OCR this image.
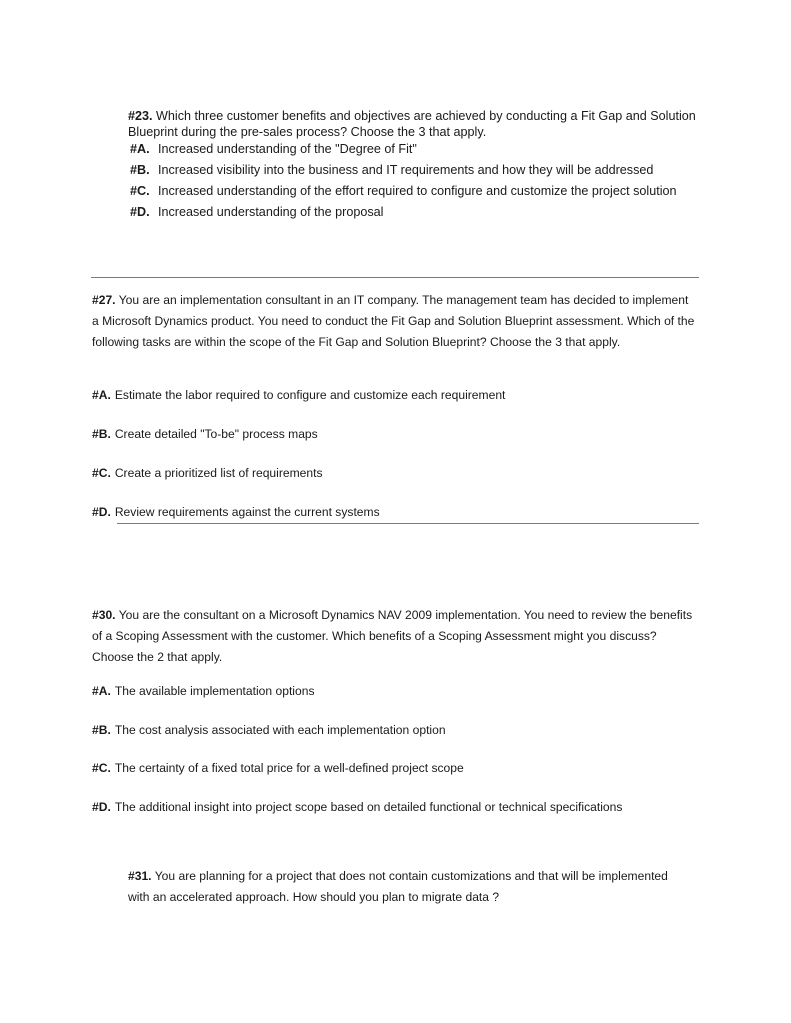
#23. Which three customer benefits and objectives are achieved by conducting a Fit Gap and Solution Blueprint during the pre-sales process? Choose the 3 that apply.

#A. Increased understanding of the "Degree of Fit"
#B. Increased visibility into the business and IT requirements and how they will be addressed
#C. Increased understanding of the effort required to configure and customize the project solution
#D. Increased understanding of the proposal

#27. You are an implementation consultant in an IT company. The management team has decided to implement a Microsoft Dynamics product. You need to conduct the Fit Gap and Solution Blueprint assessment. Which of the following tasks are within the scope of the Fit Gap and Solution Blueprint? Choose the 3 that apply.

#A. Estimate the labor required to configure and customize each requirement
#B. Create detailed "To-be" process maps
#C. Create a prioritized list of requirements
#D. Review requirements against the current systems

#30. You are the consultant on a Microsoft Dynamics NAV 2009 implementation. You need to review the benefits of a Scoping Assessment with the customer. Which benefits of a Scoping Assessment might you discuss? Choose the 2 that apply.

#A. The available implementation options
#B. The cost analysis associated with each implementation option
#C. The certainty of a fixed total price for a well-defined project scope
#D. The additional insight into project scope based on detailed functional or technical specifications

#31. You are planning for a project that does not contain customizations and that will be implemented with an accelerated approach. How should you plan to migrate data ?
